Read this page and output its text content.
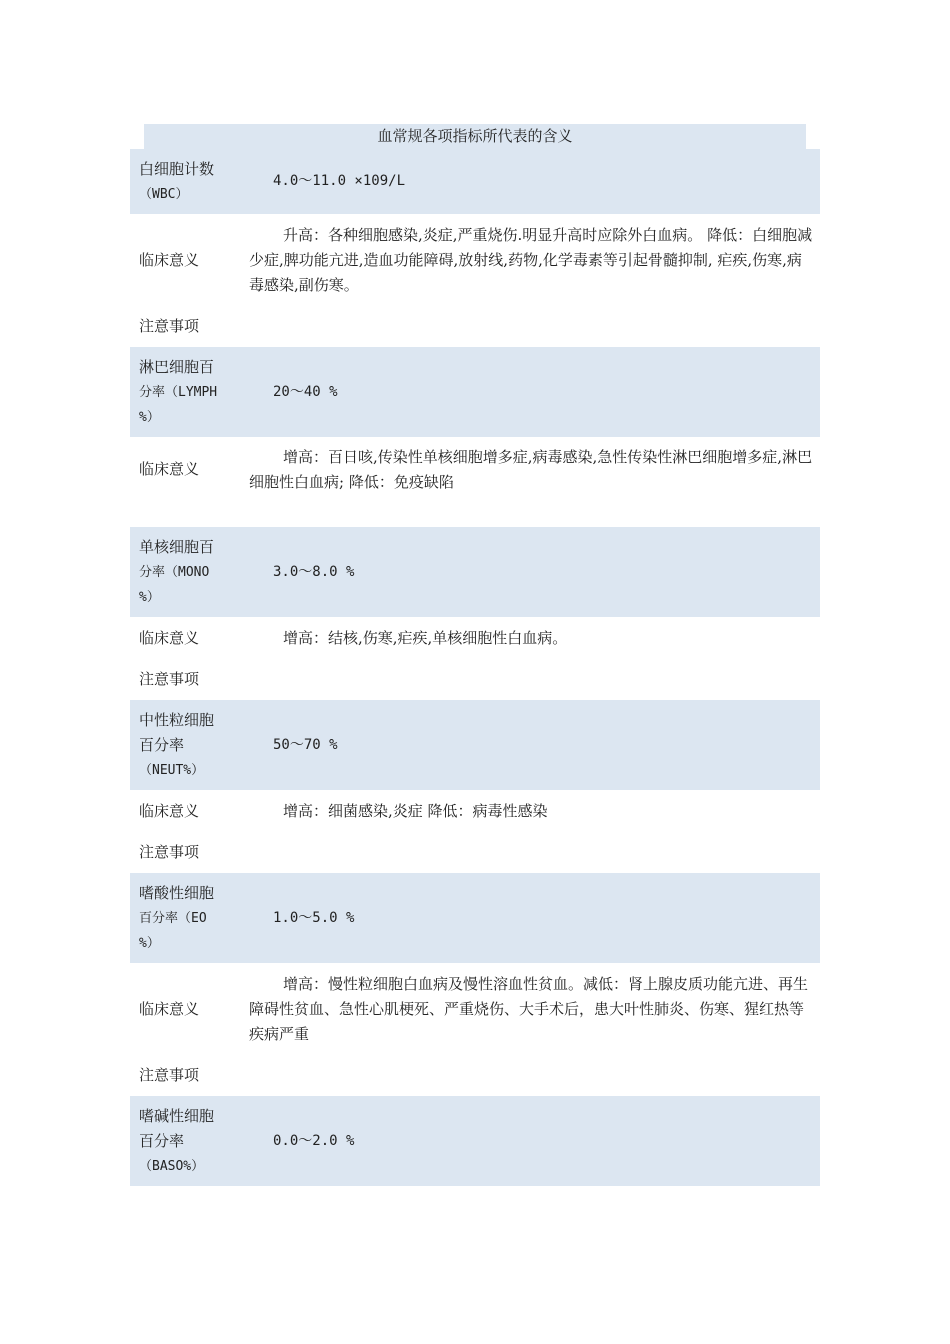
血常规各项指标所代表的含义
白细胞计数
（WBC）
4.0～11.0 ×109/L
临床意义
升高：各种细胞感染,炎症,严重烧伤.明显升高时应除外白血病。 降低：白细胞减少症,脾功能亢进,造血功能障碍,放射线,药物,化学毒素等引起骨髓抑制, 疟疾,伤寒,病毒感染,副伤寒。
注意事项
淋巴细胞百
分率（LYMPH
%）
20～40 %
临床意义
增高：百日咳,传染性单核细胞增多症,病毒感染,急性传染性淋巴细胞增多症,淋巴细胞性白血病; 降低：免疫缺陷
单核细胞百
分率（MONO
%）
3.0～8.0 %
临床意义	增高：结核,伤寒,疟疾,单核细胞性白血病。
注意事项
中性粒细胞
百分率
（NEUT%）
50～70 %
临床意义	增高：细菌感染,炎症 降低：病毒性感染
注意事项
嗜酸性细胞
百分率（EO
%）
1.0～5.0 %
临床意义
增高：慢性粒细胞白血病及慢性溶血性贫血。减低：肾上腺皮质功能亢进、再生障碍性贫血、急性心肌梗死、严重烧伤、大手术后，患大叶性肺炎、伤寒、猩红热等疾病严重
注意事项
嗜碱性细胞
百分率
（BASO%）
0.0～2.0 %
